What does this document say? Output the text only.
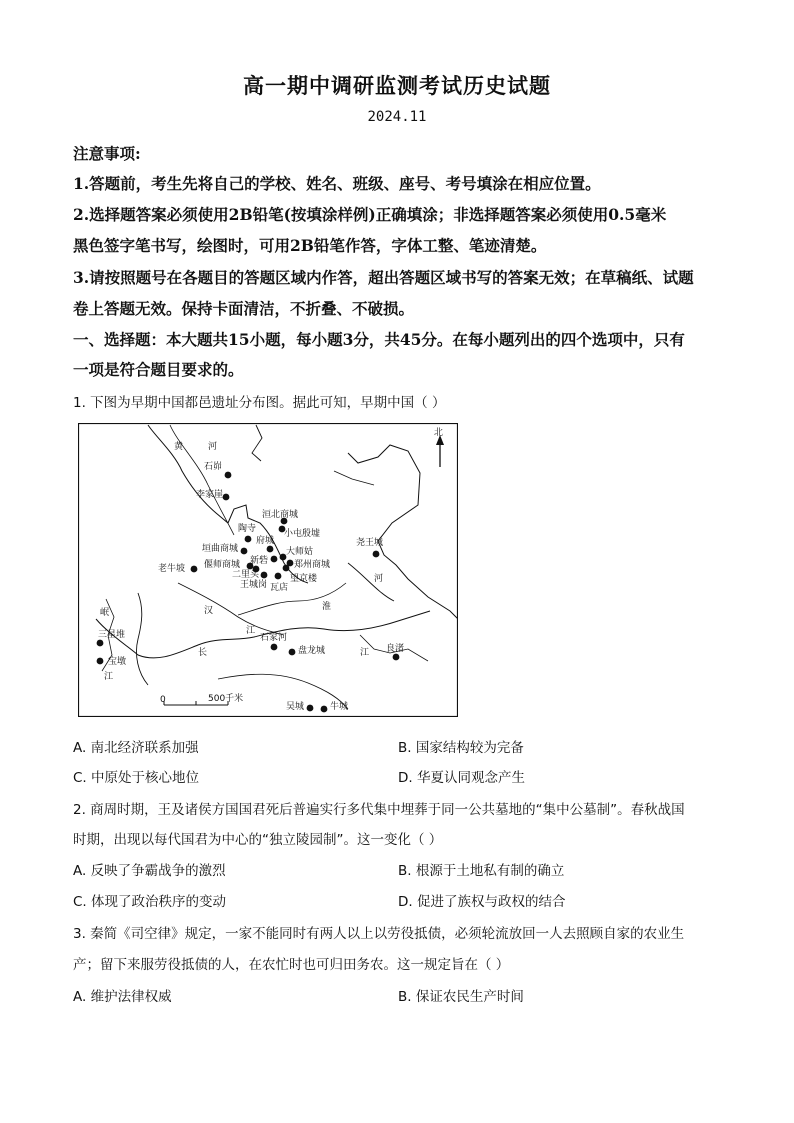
高一期中调研监测考试历史试题
2024.11
注意事项:
1.答题前，考生先将自己的学校、姓名、班级、座号、考号填涂在相应位置。
2.选择题答案必须使用2B铅笔(按填涂样例)正确填涂；非选择题答案必须使用0.5毫米
黑色签字笔书写，绘图时，可用2B铅笔作答，字体工整、笔迹清楚。
3.请按照题号在各题目的答题区域内作答，超出答题区域书写的答案无效；在草稿纸、试题
卷上答题无效。保持卡面清洁，不折叠、不破损。
一、选择题：本大题共15小题，每小题3分，共45分。在每小题列出的四个选项中，只有
一项是符合题目要求的。
1. 下图为早期中国都邑遗址分布图。据此可知，早期中国（ ）
北
0	500千米
黄	河
汉
江
淮
河
长	江
岷
江
石峁
李家崖
洹北商城
小屯殷墟
陶寺
府城
垣曲商城
偃师商城 新砦
大师姑
郑州商城
二里头
王城岗 瓦店
望京楼
老牛坡
尧王城
三星堆
宝墩
石家河
盘龙城	良渚
吴城	牛城
A. 南北经济联系加强	B. 国家结构较为完备
C. 中原处于核心地位	D. 华夏认同观念产生
2. 商周时期，王及诸侯方国国君死后普遍实行多代集中埋葬于同一公共墓地的“集中公墓制”。春秋战国
时期，出现以每代国君为中心的“独立陵园制”。这一变化（ ）
A. 反映了争霸战争的激烈	B. 根源于土地私有制的确立
C. 体现了政治秩序的变动	D. 促进了族权与政权的结合
3. 秦简《司空律》规定，一家不能同时有两人以上以劳役抵债，必须轮流放回一人去照顾自家的农业生
产；留下来服劳役抵债的人，在农忙时也可归田务农。这一规定旨在（ ）
A. 维护法律权威	B. 保证农民生产时间
